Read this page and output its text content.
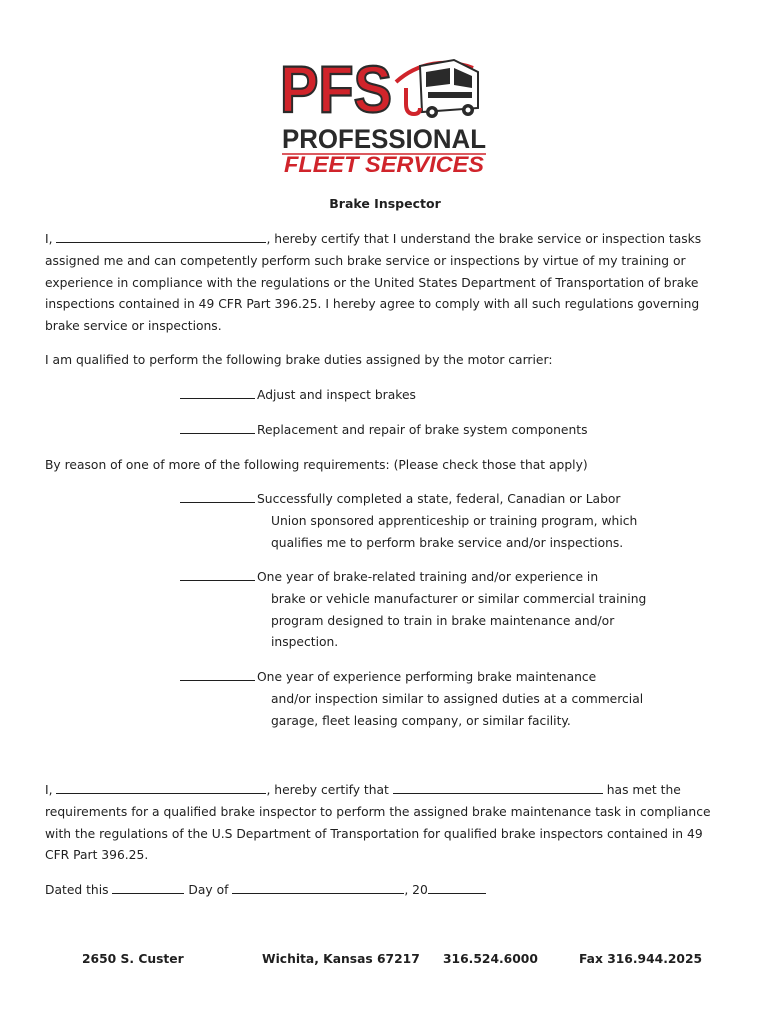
PFS
PROFESSIONAL
FLEET SERVICES
Brake Inspector
I,	, hereby certify that I understand the brake service or inspection tasks
assigned me and can competently perform such brake service or inspections by virtue of my training or
experience in compliance with the regulations or the United States Department of Transportation of brake
inspections contained in 49 CFR Part 396.25. I hereby agree to comply with all such regulations governing
brake service or inspections.
I am qualified to perform the following brake duties assigned by the motor carrier:
Adjust and inspect brakes
Replacement and repair of brake system components
By reason of one of more of the following requirements: (Please check those that apply)
Successfully completed a state, federal, Canadian or Labor
Union sponsored apprenticeship or training program, which
qualifies me to perform brake service and/or inspections.
One year of brake-related training and/or experience in
brake or vehicle manufacturer or similar commercial training
program designed to train in brake maintenance and/or
inspection.
One year of experience performing brake maintenance
and/or inspection similar to assigned duties at a commercial
garage, fleet leasing company, or similar facility.
I,	, hereby certify that	has met the
requirements for a qualified brake inspector to perform the assigned brake maintenance task in compliance
with the regulations of the U.S Department of Transportation for qualified brake inspectors contained in 49
CFR Part 396.25.
Dated this	Day of	, 20
2650 S. Custer	Wichita, Kansas 67217 316.524.6000	Fax 316.944.2025
